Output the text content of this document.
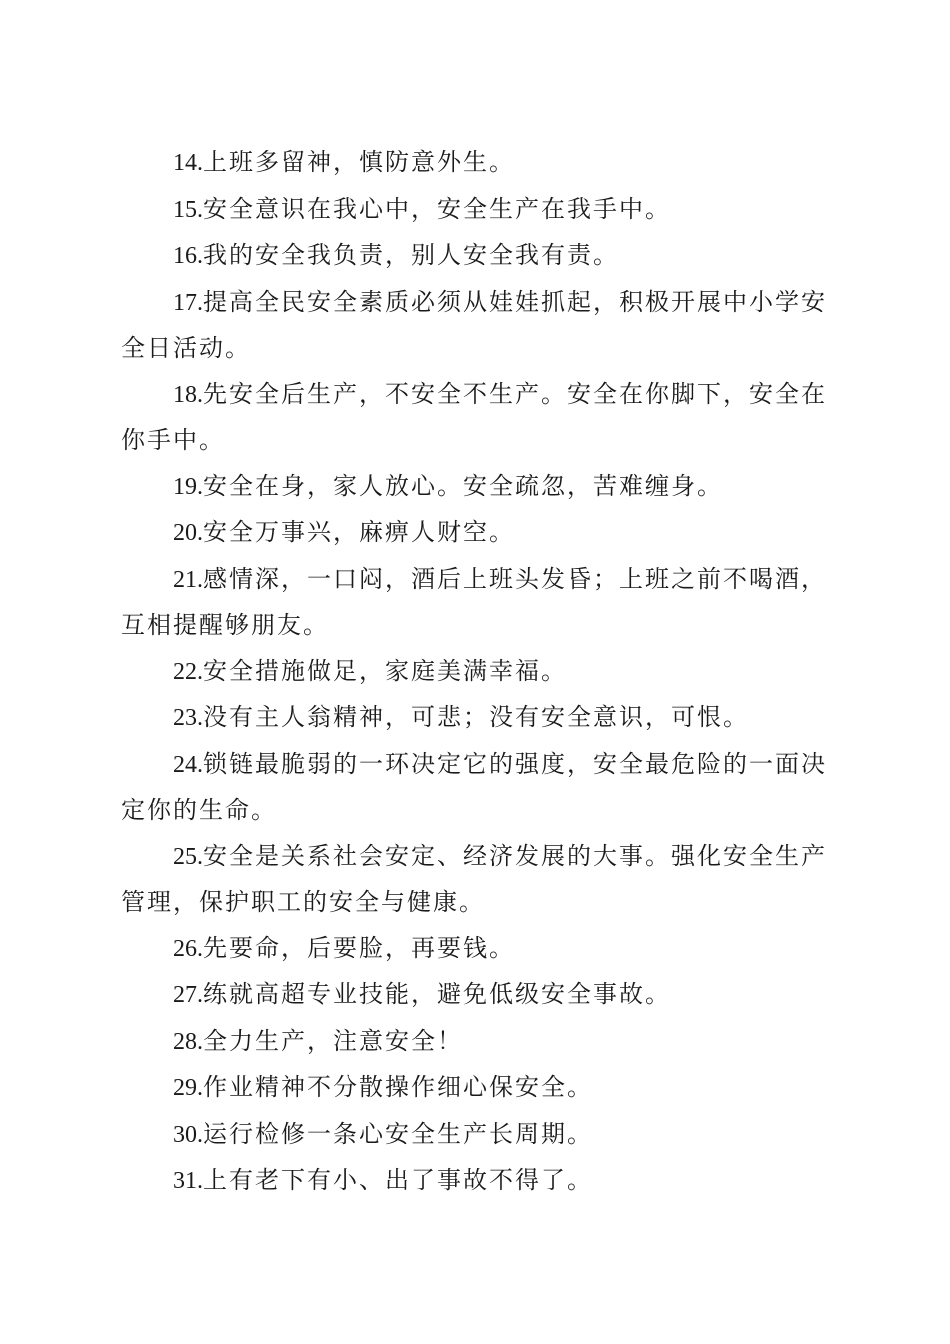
14.上班多留神，慎防意外生。

15.安全意识在我心中，安全生产在我手中。

16.我的安全我负责，别人安全我有责。

17.提高全民安全素质必须从娃娃抓起，积极开展中小学安全日活动。

18.先安全后生产，不安全不生产。安全在你脚下，安全在你手中。

19.安全在身，家人放心。安全疏忽，苦难缠身。

20.安全万事兴，麻痹人财空。

21.感情深，一口闷，酒后上班头发昏；上班之前不喝酒，互相提醒够朋友。

22.安全措施做足，家庭美满幸福。

23.没有主人翁精神，可悲；没有安全意识，可恨。

24.锁链最脆弱的一环决定它的强度，安全最危险的一面决定你的生命。

25.安全是关系社会安定、经济发展的大事。强化安全生产管理，保护职工的安全与健康。

26.先要命，后要脸，再要钱。

27.练就高超专业技能，避免低级安全事故。

28.全力生产，注意安全！

29.作业精神不分散操作细心保安全。

30.运行检修一条心安全生产长周期。

31.上有老下有小、出了事故不得了。
